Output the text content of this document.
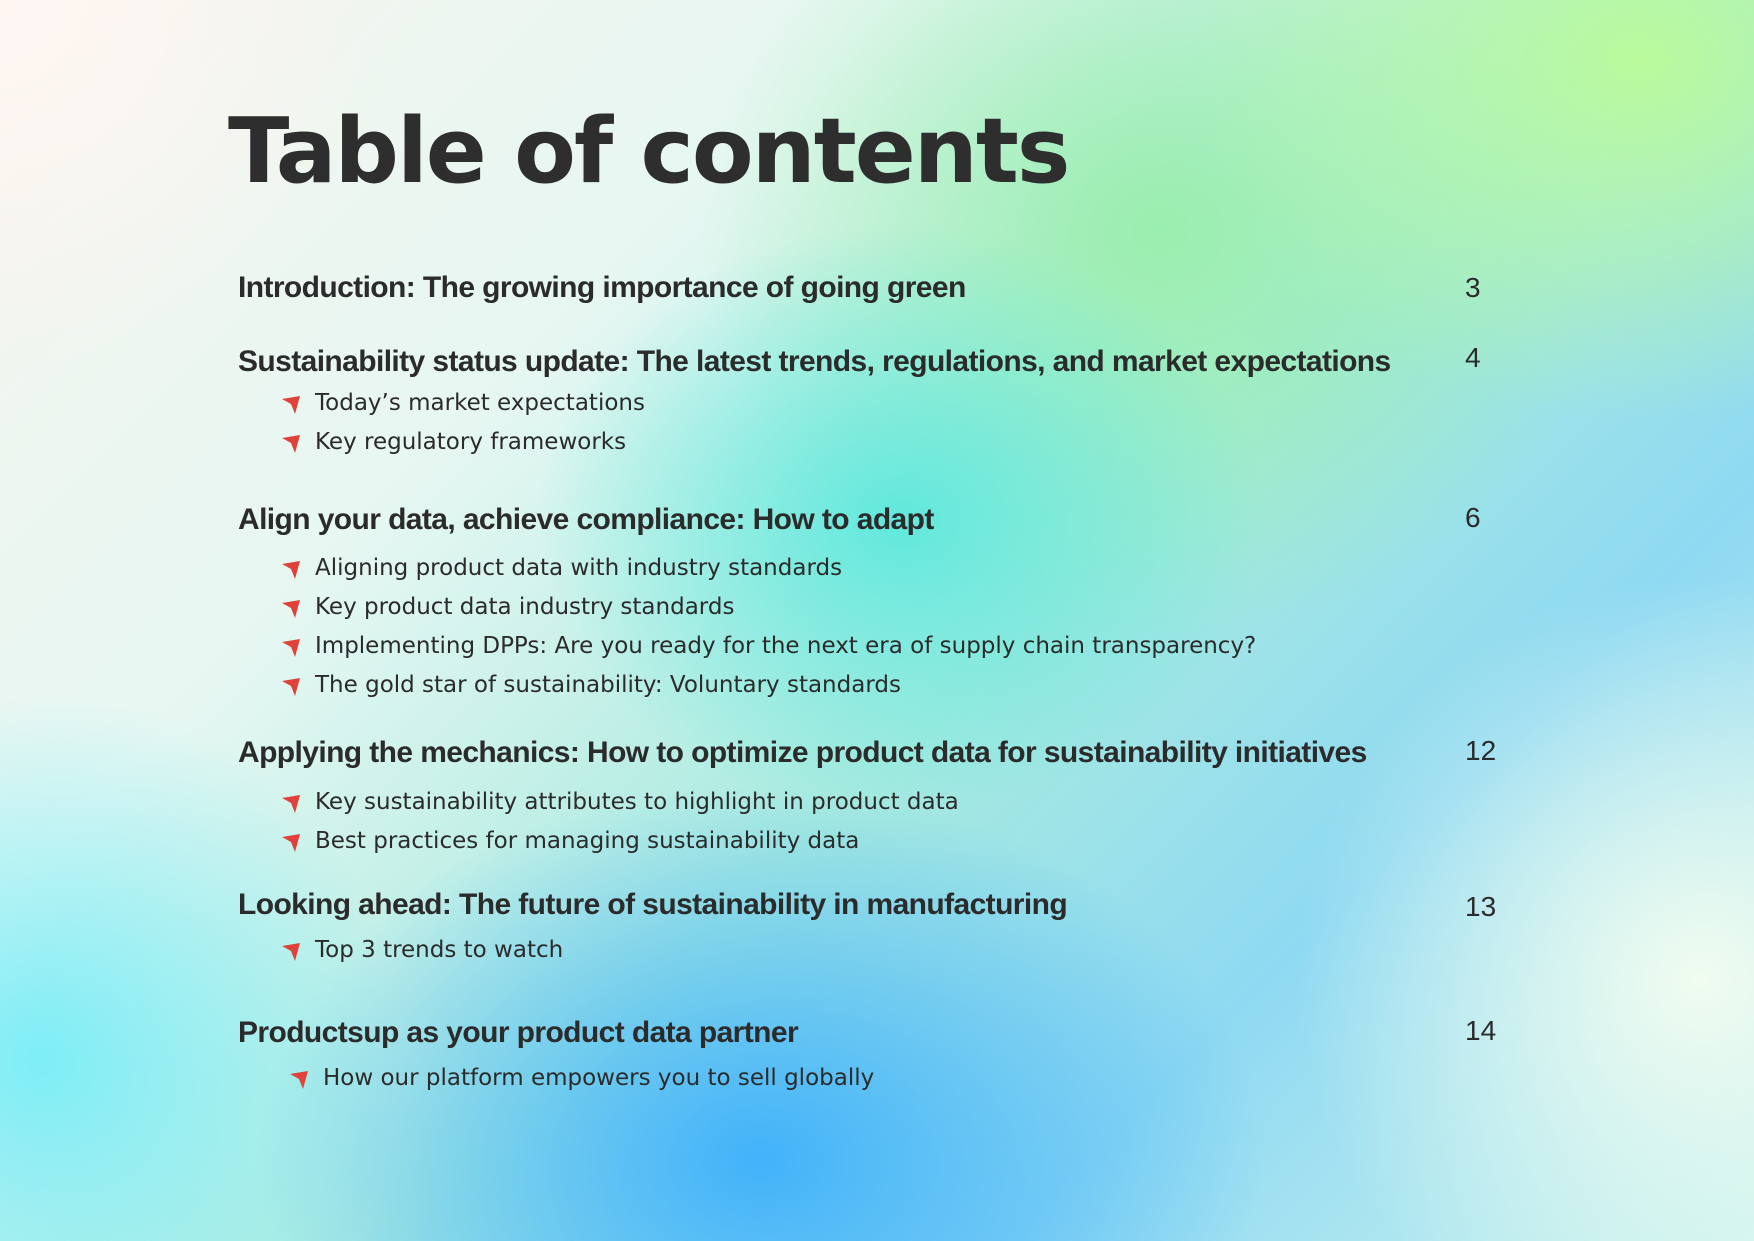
Table of contents
Introduction: The growing importance of going green	3
Sustainability status update: The latest trends, regulations, and market expectations	4
Today’s market expectations
Key regulatory frameworks
Align your data, achieve compliance: How to adapt	6
Aligning product data with industry standards
Key product data industry standards
Implementing DPPs: Are you ready for the next era of supply chain transparency?
The gold star of sustainability: Voluntary standards
Applying the mechanics: How to optimize product data for sustainability initiatives	12
Key sustainability attributes to highlight in product data
Best practices for managing sustainability data
Looking ahead: The future of sustainability in manufacturing	13
Top 3 trends to watch
Productsup as your product data partner	14
How our platform empowers you to sell globally
